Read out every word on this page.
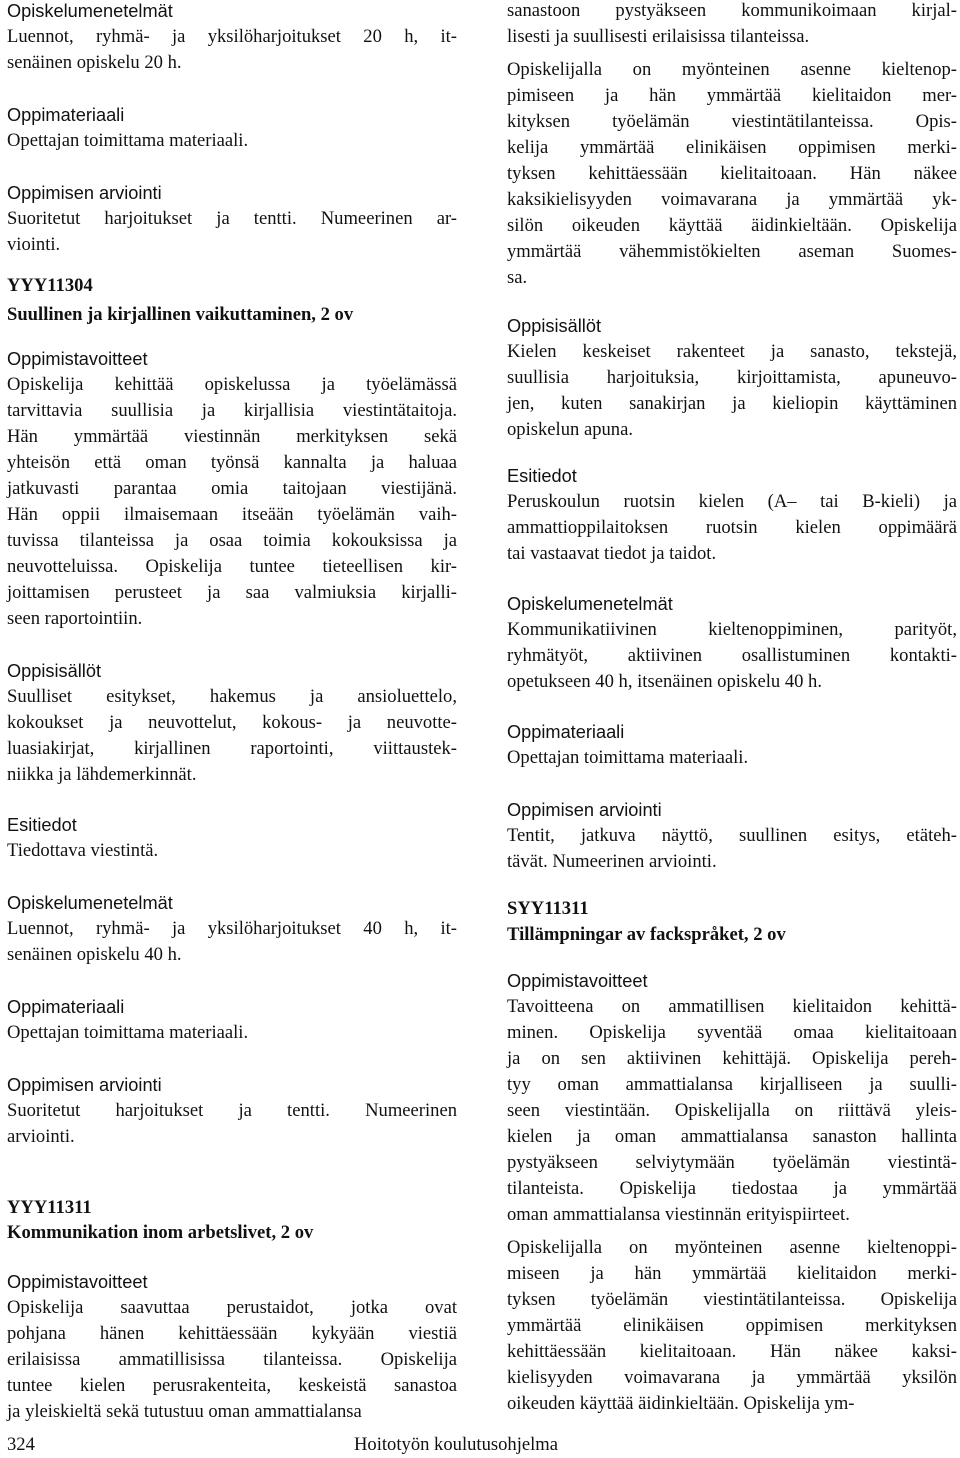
Opiskelumenetelmät
Luennot, ryhmä- ja yksilöharjoitukset 20 h, it-
senäinen opiskelu 20 h.
Oppimateriaali
Opettajan toimittama materiaali.
Oppimisen arviointi
Suoritetut harjoitukset ja tentti. Numeerinen ar-
viointi.
YYY11304
Suullinen ja kirjallinen vaikuttaminen, 2 ov
Oppimistavoitteet
Opiskelija kehittää opiskelussa ja työelämässä
tarvittavia suullisia ja kirjallisia viestintätaitoja.
Hän ymmärtää viestinnän merkityksen sekä
yhteisön että oman työnsä kannalta ja haluaa
jatkuvasti parantaa omia taitojaan viestijänä.
Hän oppii ilmaisemaan itseään työelämän vaih-
tuvissa tilanteissa ja osaa toimia kokouksissa ja
neuvotteluissa. Opiskelija tuntee tieteellisen kir-
joittamisen perusteet ja saa valmiuksia kirjalli-
seen raportointiin.
Oppisisällöt
Suulliset esitykset, hakemus ja ansioluettelo,
kokoukset ja neuvottelut, kokous- ja neuvotte-
luasiakirjat, kirjallinen raportointi, viittaustek-
niikka ja lähdemerkinnät.
Esitiedot
Tiedottava viestintä.
Opiskelumenetelmät
Luennot, ryhmä- ja yksilöharjoitukset 40 h, it-
senäinen opiskelu 40 h.
Oppimateriaali
Opettajan toimittama materiaali.
Oppimisen arviointi
Suoritetut harjoitukset ja tentti. Numeerinen
arviointi.
YYY11311
Kommunikation inom arbetslivet, 2 ov
Oppimistavoitteet
Opiskelija saavuttaa perustaidot, jotka ovat
pohjana hänen kehittäessään kykyään viestiä
erilaisissa ammatillisissa tilanteissa. Opiskelija
tuntee kielen perusrakenteita, keskeistä sanastoa
ja yleiskieltä sekä tutustuu oman ammattialansa
sanastoon pystyäkseen kommunikoimaan kirjal-
lisesti ja suullisesti erilaisissa tilanteissa.
Opiskelijalla on myönteinen asenne kieltenop-
pimiseen ja hän ymmärtää kielitaidon mer-
kityksen työelämän viestintätilanteissa. Opis-
kelija ymmärtää elinikäisen oppimisen merki-
tyksen kehittäessään kielitaitoaan. Hän näkee
kaksikielisyyden voimavarana ja ymmärtää yk-
silön oikeuden käyttää äidinkieltään. Opiskelija
ymmärtää vähemmistökielten aseman Suomes-
sa.
Oppisisällöt
Kielen keskeiset rakenteet ja sanasto, tekstejä,
suullisia harjoituksia, kirjoittamista, apuneuvo-
jen, kuten sanakirjan ja kieliopin käyttäminen
opiskelun apuna.
Esitiedot
Peruskoulun ruotsin kielen (A– tai B-kieli) ja
ammattioppilaitoksen ruotsin kielen oppimäärä
tai vastaavat tiedot ja taidot.
Opiskelumenetelmät
Kommunikatiivinen kieltenoppiminen, parityöt,
ryhmätyöt, aktiivinen osallistuminen kontakti-
opetukseen 40 h, itsenäinen opiskelu 40 h.
Oppimateriaali
Opettajan toimittama materiaali.
Oppimisen arviointi
Tentit, jatkuva näyttö, suullinen esitys, etäteh-
tävät. Numeerinen arviointi.
SYY11311
Tillämpningar av fackspråket, 2 ov
Oppimistavoitteet
Tavoitteena on ammatillisen kielitaidon kehittä-
minen. Opiskelija syventää omaa kielitaitoaan
ja on sen aktiivinen kehittäjä. Opiskelija pereh-
tyy oman ammattialansa kirjalliseen ja suulli-
seen viestintään. Opiskelijalla on riittävä yleis-
kielen ja oman ammattialansa sanaston hallinta
pystyäkseen selviytymään työelämän viestintä-
tilanteista. Opiskelija tiedostaa ja ymmärtää
oman ammattialansa viestinnän erityispiirteet.
Opiskelijalla on myönteinen asenne kieltenoppi-
miseen ja hän ymmärtää kielitaidon merki-
tyksen työelämän viestintätilanteissa. Opiskelija
ymmärtää elinikäisen oppimisen merkityksen
kehittäessään kielitaitoaan. Hän näkee kaksi-
kielisyyden voimavarana ja ymmärtää yksilön
oikeuden käyttää äidinkieltään. Opiskelija ym-
324	Hoitotyön koulutusohjelma
